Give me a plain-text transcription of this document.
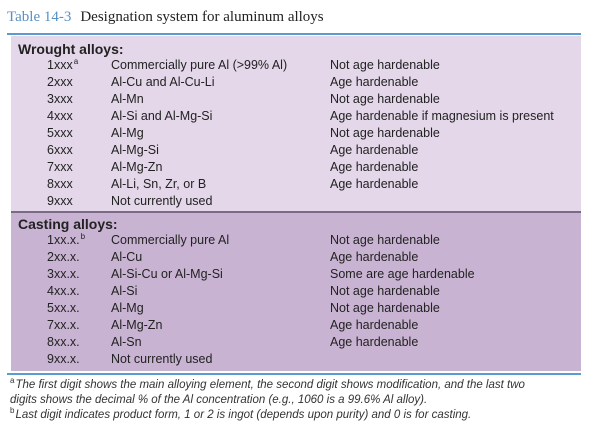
Table 14-3 Designation system for aluminum alloys
Wrought alloys:
1xxx$^a$	Commercially pure Al (>99% Al)	Not age hardenable
2xxx	Al-Cu and Al-Cu-Li	Age hardenable
3xxx	Al-Mn	Not age hardenable
4xxx	Al-Si and Al-Mg-Si	Age hardenable if magnesium is present
5xxx	Al-Mg	Not age hardenable
6xxx	Al-Mg-Si	Age hardenable
7xxx	Al-Mg-Zn	Age hardenable
8xxx	Al-Li, Sn, Zr, or B	Age hardenable
9xxx	Not currently used
Casting alloys:
1xx.x.$^b$ Commercially pure Al	Not age hardenable
2xx.x.	Al-Cu	Age hardenable
3xx.x.	Al-Si-Cu or Al-Mg-Si	Some are age hardenable
4xx.x.	Al-Si	Not age hardenable
5xx.x.	Al-Mg	Not age hardenable
7xx.x.	Al-Mg-Zn	Age hardenable
8xx.x.	Al-Sn	Age hardenable
9xx.x.	Not currently used
$^a$The first digit shows the main alloying element, the second digit shows modification, and the last two
digits shows the decimal % of the Al concentration (e.g., 1060 is a 99.6% Al alloy).
$^b$Last digit indicates product form, 1 or 2 is ingot (depends upon purity) and 0 is for casting.
